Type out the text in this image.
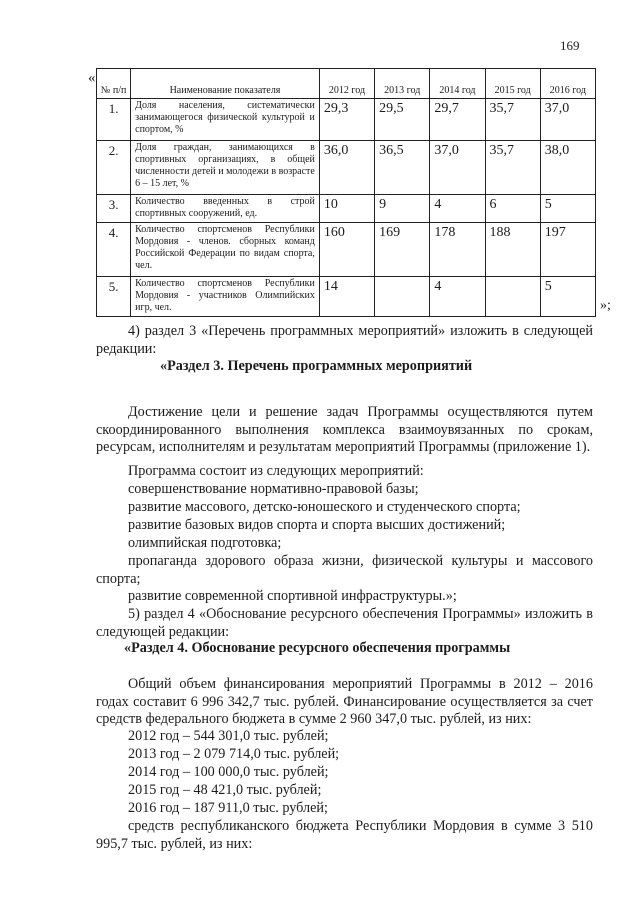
169
«
»;
№ п/п	Наименование показателя	2012 год	2013 год	2014 год	2015 год	2016 год
1.	Доля населения, систематически занимающегося физической культурой и спортом, %	29,3	29,5	29,7	35,7	37,0
2.	Доля граждан, занимающихся в спортивных организациях, в общей численности детей и молодежи в возрасте 6 – 15 лет, %	36,0	36,5	37,0	35,7	38,0
3.	Количество введенных в строй спортивных сооружений, ед.	10	9	4	6	5
4.	Количество спортсменов Республики Мордовия - членов. сборных команд Российской Федерации по видам спорта, чел.	160	169	178	188	197
5.	Количество спортсменов Республики Мордовия - участников Олимпийских игр, чел.	14		4		5

4) раздел 3 «Перечень программных мероприятий» изложить в следующей редакции:

«Раздел 3. Перечень программных мероприятий

Достижение цели и решение задач Программы осуществляются путем скоординированного выполнения комплекса взаимоувязанных по срокам, ресурсам, исполнителям и результатам мероприятий Программы (приложение 1).

Программа состоит из следующих мероприятий:

совершенствование нормативно-правовой базы;

развитие массового, детско-юношеского и студенческого спорта;

развитие базовых видов спорта и спорта высших достижений;

олимпийская подготовка;

пропаганда здорового образа жизни, физической культуры и массового спорта;

развитие современной спортивной инфраструктуры.»;

5) раздел 4 «Обоснование ресурсного обеспечения Программы» изложить в следующей редакции:

«Раздел 4. Обоснование ресурсного обеспечения программы

Общий объем финансирования мероприятий Программы в 2012 – 2016 годах составит 6 996 342,7 тыс. рублей. Финансирование осуществляется за счет средств федерального бюджета в сумме 2 960 347,0 тыс. рублей, из них:

2012 год – 544 301,0 тыс. рублей;

2013 год – 2 079 714,0 тыс. рублей;

2014 год – 100 000,0 тыс. рублей;

2015 год – 48 421,0 тыс. рублей;

2016 год – 187 911,0 тыс. рублей;

средств республиканского бюджета Республики Мордовия в сумме 3 510 995,7 тыс. рублей, из них:
